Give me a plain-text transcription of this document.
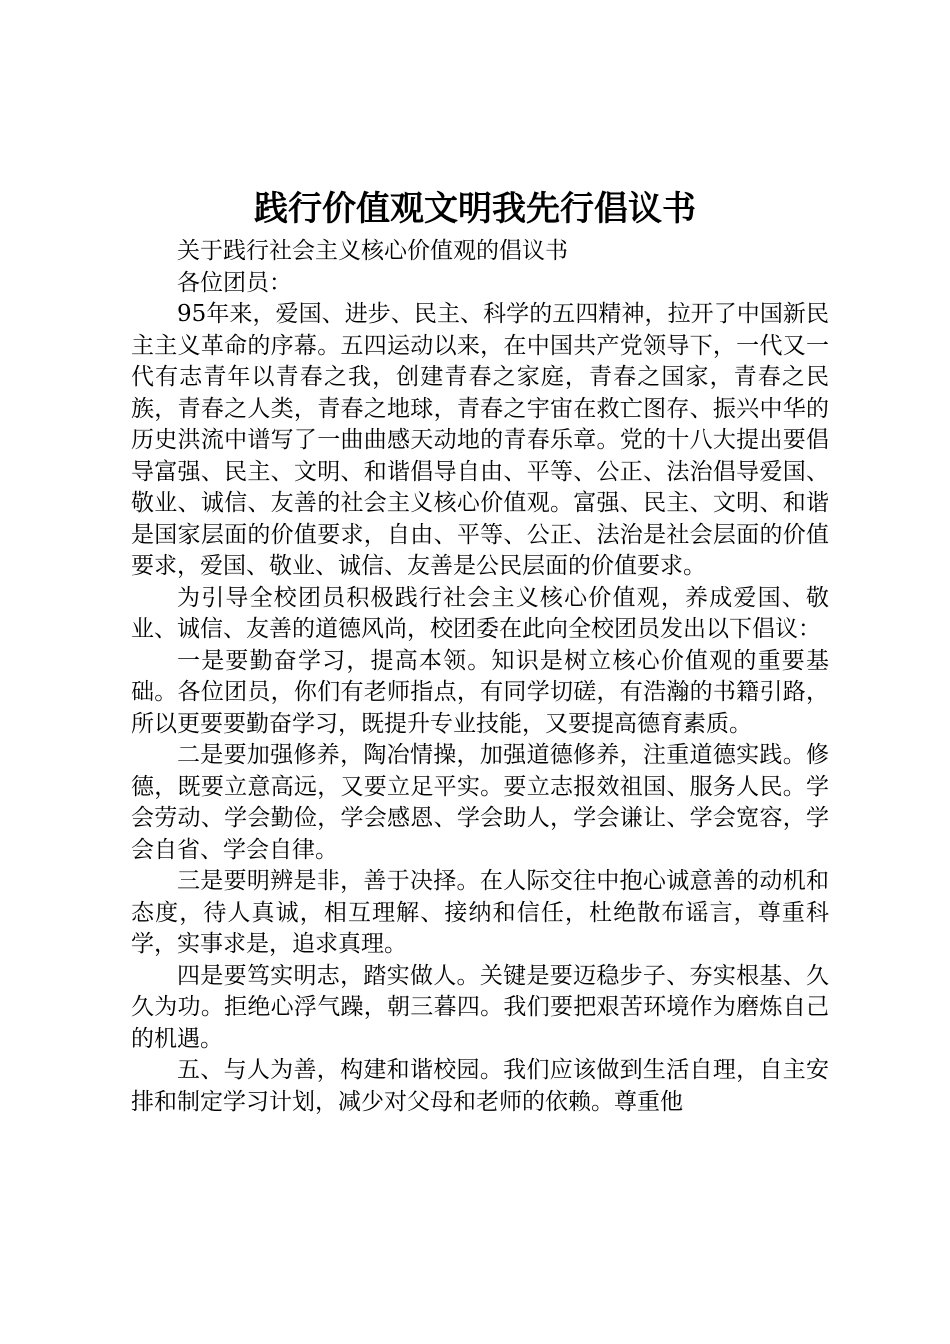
践行价值观文明我先行倡议书

关于践行社会主义核心价值观的倡议书

各位团员：

95年来，爱国、进步、民主、科学的五四精神，拉开了中国新民主主义革命的序幕。五四运动以来，在中国共产党领导下，一代又一代有志青年以青春之我，创建青春之家庭，青春之国家，青春之民族，青春之人类，青春之地球，青春之宇宙在救亡图存、振兴中华的历史洪流中谱写了一曲曲感天动地的青春乐章。党的十八大提出要倡导富强、民主、文明、和谐倡导自由、平等、公正、法治倡导爱国、敬业、诚信、友善的社会主义核心价值观。富强、民主、文明、和谐是国家层面的价值要求，自由、平等、公正、法治是社会层面的价值要求，爱国、敬业、诚信、友善是公民层面的价值要求。

为引导全校团员积极践行社会主义核心价值观，养成爱国、敬业、诚信、友善的道德风尚，校团委在此向全校团员发出以下倡议：

一是要勤奋学习，提高本领。知识是树立核心价值观的重要基础。各位团员，你们有老师指点，有同学切磋，有浩瀚的书籍引路，所以更要要勤奋学习，既提升专业技能，又要提高德育素质。

二是要加强修养，陶冶情操，加强道德修养，注重道德实践。修德，既要立意高远，又要立足平实。要立志报效祖国、服务人民。学会劳动、学会勤俭，学会感恩、学会助人，学会谦让、学会宽容，学会自省、学会自律。

三是要明辨是非，善于决择。在人际交往中抱心诚意善的动机和态度，待人真诚，相互理解、接纳和信任，杜绝散布谣言，尊重科学，实事求是，追求真理。

四是要笃实明志，踏实做人。关键是要迈稳步子、夯实根基、久久为功。拒绝心浮气躁，朝三暮四。我们要把艰苦环境作为磨炼自己的机遇。

五、与人为善，构建和谐校园。我们应该做到生活自理，自主安排和制定学习计划，减少对父母和老师的依赖。尊重他
